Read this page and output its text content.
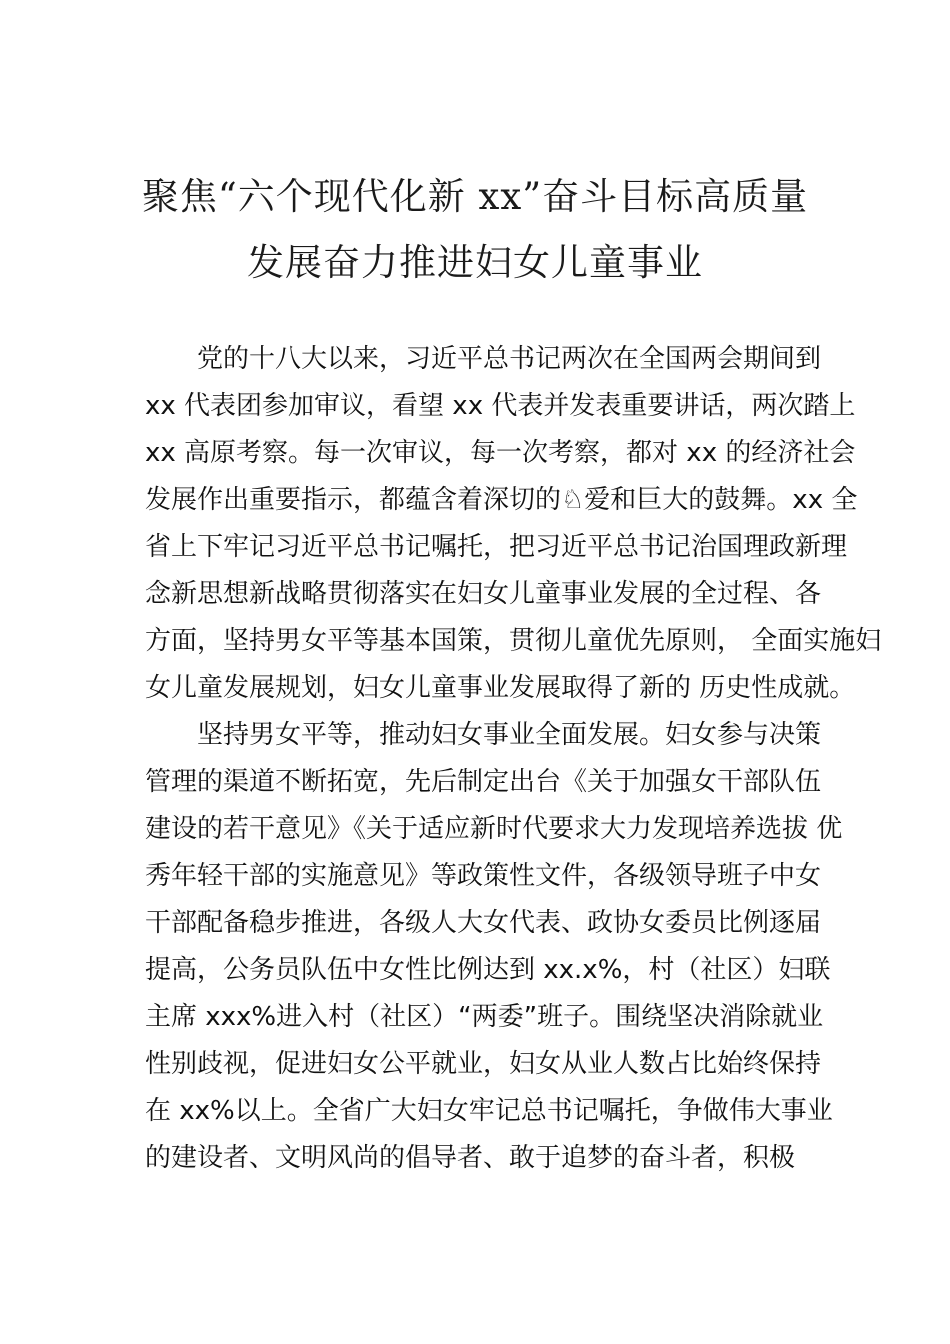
聚焦“六个现代化新 xx”奋斗目标高质量
发展奋力推进妇女儿童事业
　　党的十八大以来，习近平总书记两次在全国两会期间到
xx 代表团参加审议，看望 xx 代表并发表重要讲话，两次踏上
xx 高原考察。每一次审议，每一次考察，都对 xx 的经济社会
发展作出重要指示，都蕴含着深切的♘爱和巨大的鼓舞。xx 全
省上下牢记习近平总书记嘱托，把习近平总书记治国理政新理
念新思想新战略贯彻落实在妇女儿童事业发展的全过程、各
方面，坚持男女平等基本国策，贯彻儿童优先原则， 全面实施妇
女儿童发展规划，妇女儿童事业发展取得了新的 历史性成就。
　　坚持男女平等，推动妇女事业全面发展。妇女参与决策
管理的渠道不断拓宽，先后制定出台《关于加强女干部队伍
建设的若干意见》《关于适应新时代要求大力发现培养选拔 优
秀年轻干部的实施意见》等政策性文件，各级领导班子中女
干部配备稳步推进，各级人大女代表、政协女委员比例逐届
提高，公务员队伍中女性比例达到 xx.x%，村（社区）妇联
主席 xxx%进入村（社区）“两委”班子。围绕坚决消除就业
性别歧视，促进妇女公平就业，妇女从业人数占比始终保持
在 xx%以上。全省广大妇女牢记总书记嘱托，争做伟大事业
的建设者、文明风尚的倡导者、敢于追梦的奋斗者，积极
